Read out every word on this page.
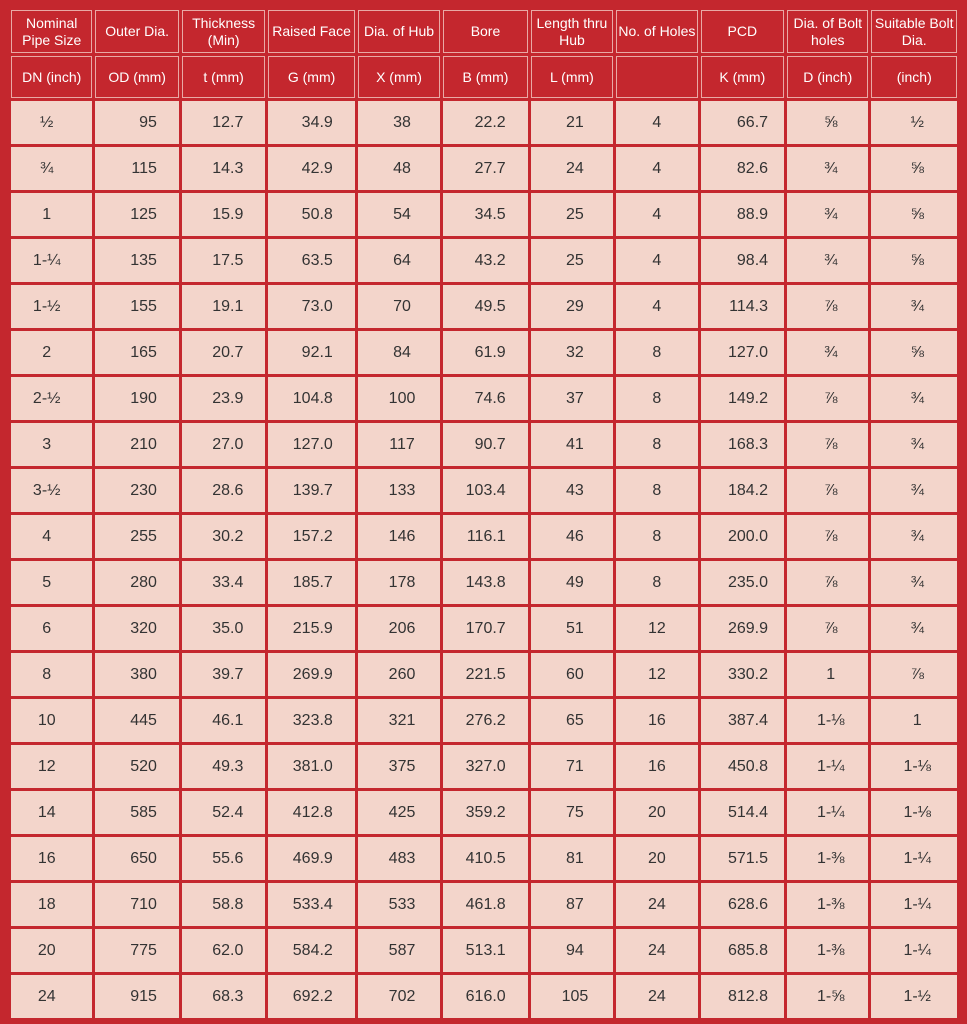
Nominal Pipe Size	Outer Dia.	Thickness (Min)	Raised Face	Dia. of Hub	Bore	Length thru Hub	No. of Holes	PCD	Dia. of Bolt holes	Suitable Bolt Dia.
DN (inch)	OD (mm)	t (mm)	G (mm)	X (mm)	B (mm)	L (mm)		K (mm)	D (inch)	(inch)
½	95	12.7	34.9	38	22.2	21	4	66.7	⅝	½
¾	115	14.3	42.9	48	27.7	24	4	82.6	¾	⅝
1	125	15.9	50.8	54	34.5	25	4	88.9	¾	⅝
1-¼	135	17.5	63.5	64	43.2	25	4	98.4	¾	⅝
1-½	155	19.1	73.0	70	49.5	29	4	114.3	⅞	¾
2	165	20.7	92.1	84	61.9	32	8	127.0	¾	⅝
2-½	190	23.9	104.8	100	74.6	37	8	149.2	⅞	¾
3	210	27.0	127.0	117	90.7	41	8	168.3	⅞	¾
3-½	230	28.6	139.7	133	103.4	43	8	184.2	⅞	¾
4	255	30.2	157.2	146	116.1	46	8	200.0	⅞	¾
5	280	33.4	185.7	178	143.8	49	8	235.0	⅞	¾
6	320	35.0	215.9	206	170.7	51	12	269.9	⅞	¾
8	380	39.7	269.9	260	221.5	60	12	330.2	1	⅞
10	445	46.1	323.8	321	276.2	65	16	387.4	1-⅛	1
12	520	49.3	381.0	375	327.0	71	16	450.8	1-¼	1-⅛
14	585	52.4	412.8	425	359.2	75	20	514.4	1-¼	1-⅛
16	650	55.6	469.9	483	410.5	81	20	571.5	1-⅜	1-¼
18	710	58.8	533.4	533	461.8	87	24	628.6	1-⅜	1-¼
20	775	62.0	584.2	587	513.1	94	24	685.8	1-⅜	1-¼
24	915	68.3	692.2	702	616.0	105	24	812.8	1-⅝	1-½
